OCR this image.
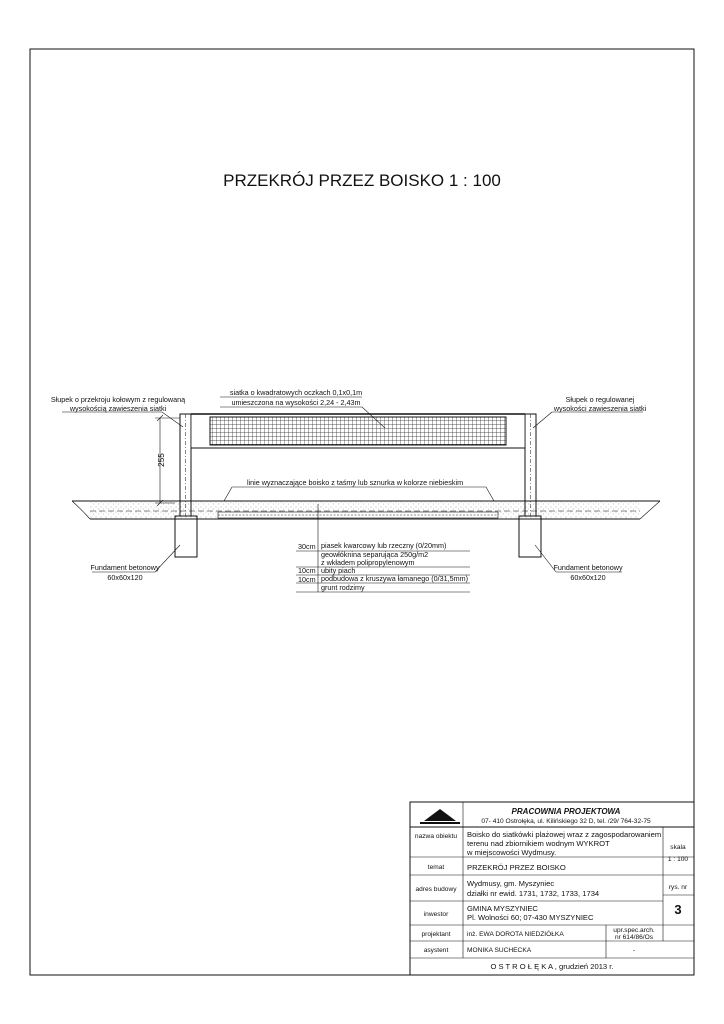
PRZEKRÓJ PRZEZ BOISKO 1 : 100
255
Słupek o przekroju kołowym z regulowaną
wysokością zawieszenia siatki
Słupek o regulowanej
wysokości zawieszenia siatki
siatka o kwadratowych oczkach 0,1x0,1m
umieszczona na wysokości 2,24 - 2,43m
linie wyznaczające boisko z taśmy lub sznurka w kolorze niebieskim
Fundament betonowy
60x60x120
Fundament betonowy
60x60x120
30cm piasek kwarcowy lub rzeczny (0/20mm)
geowłóknina separująca 250g/m2
z wkładem polipropylenowym
10cm ubity piach
10cm podbudowa z kruszywa łamanego (0/31,5mm)
grunt rodzimy
PRACOWNIA PROJEKTOWA
07- 410 Ostrołęka, ul. Kilińskiego 32 D, tel. /29/ 764-32-75
nazwa obiektu
temat
adres budowy
inwestor
projektant
asystent
Boisko do siatkówki plażowej wraz z zagospodarowaniem
terenu nad zbiornikiem wodnym WYKROT
w miejscowości Wydmusy.
skala
1 : 100
PRZEKRÓJ PRZEZ BOISKO
Wydmusy, gm. Myszyniec
działki nr ewid. 1731, 1732, 1733, 1734
rys. nr
3
GMINA MYSZYNIEC
Pl. Wolności 60; 07-430 MYSZYNIEC
inż. EWA DOROTA NIEDZIÓŁKA
upr.spec.arch.
nr 614/86/Os
MONIKA SUCHECKA	-
O S T R O Ł Ę K A , grudzień 2013 r.
